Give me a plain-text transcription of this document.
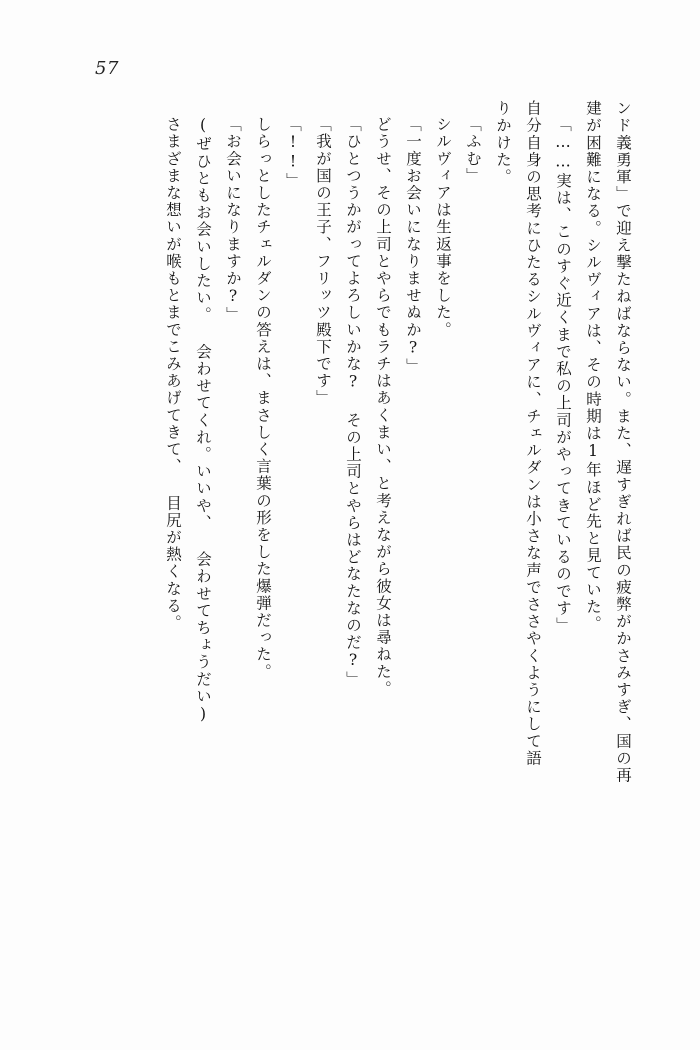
57
ンド義勇軍」で迎え撃たねばならない。また、遅すぎれば民の疲弊がかさみすぎ、国の再
建が困難になる。シルヴィアは、その時期は1年ほど先と見ていた。
「……実は、このすぐ近くまで私の上司がやってきているのです」
自分自身の思考にひたるシルヴィアに、チェルダンは小さな声でささやくようにして語
りかけた。
「ふむ」
シルヴィアは生返事をした。
「一度お会いになりませぬか?」
どうせ、その上司とやらでもラチはあくまい、と考えながら彼女は尋ねた。
「ひとつうかがってよろしいかな? その上司とやらはどなたなのだ?」
「我が国の王子、フリッツ殿下です」
「!!」
しらっとしたチェルダンの答えは、まさしく言葉の形をした爆弾だった。
「お会いになりますか?」
(ぜひともお会いしたい。 会わせてくれ。いいや、 会わせてちょうだい)
さまざまな想いが喉もとまでこみあげてきて、 目尻が熱くなる。
